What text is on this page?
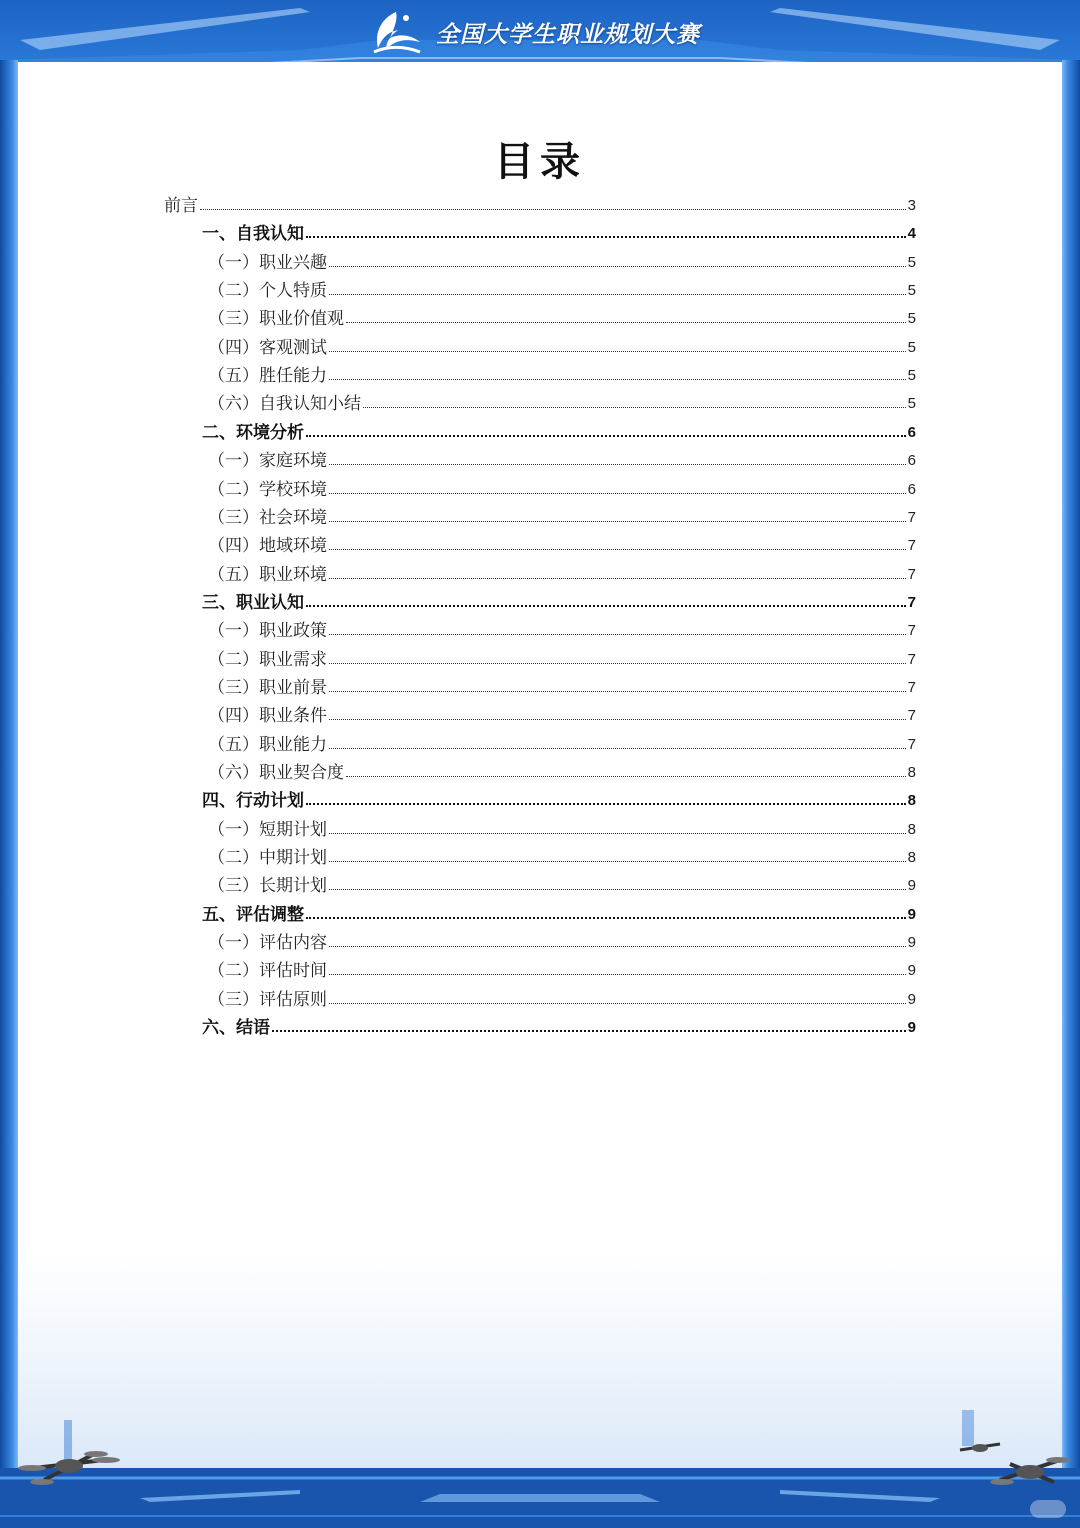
全国大学生职业规划大赛
目录
前言	3
一、自我认知	4
（一）职业兴趣	5
（二）个人特质	5
（三）职业价值观	5
（四）客观测试	5
（五）胜任能力	5
（六）自我认知小结	5
二、环境分析	6
（一）家庭环境	6
（二）学校环境	6
（三）社会环境	7
（四）地域环境	7
（五）职业环境	7
三、职业认知	7
（一）职业政策	7
（二）职业需求	7
（三）职业前景	7
（四）职业条件	7
（五）职业能力	7
（六）职业契合度	8
四、行动计划	8
（一）短期计划	8
（二）中期计划	8
（三）长期计划	9
五、评估调整	9
（一）评估内容	9
（二）评估时间	9
（三）评估原则	9
六、结语	9
